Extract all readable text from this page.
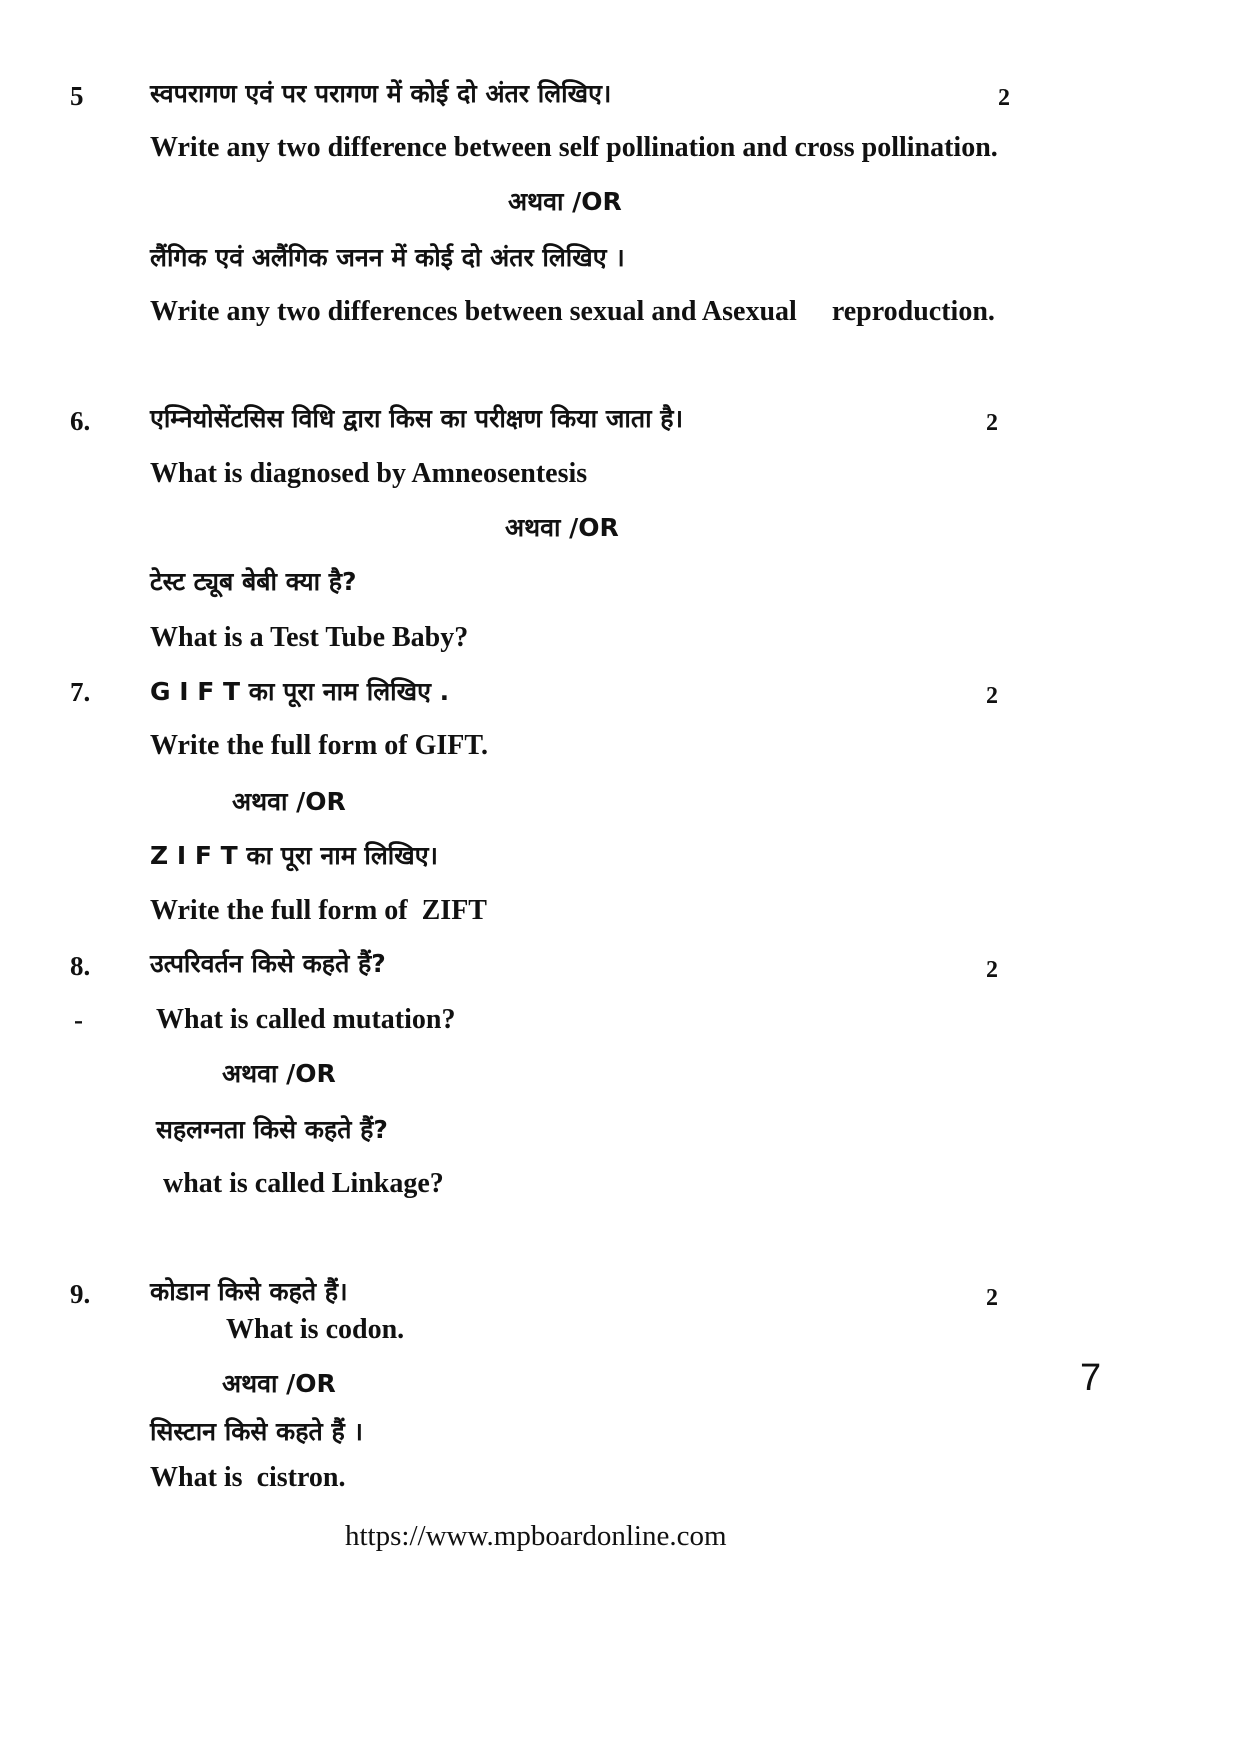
5	स्वपरागण एवं पर परागण में कोई दो अंतर लिखिए।	2
Write any two difference between self pollination and cross pollination.
अथवा /OR
लैंगिक एवं अलैंगिक जनन में कोई दो अंतर लिखिए ।
Write any two differences between sexual and Asexual     reproduction.
6. एम्नियोसेंटसिस विधि द्वारा किस का परीक्षण किया जाता है।	2
What is diagnosed by Amneosentesis
अथवा /OR
टेस्ट ट्यूब बेबी क्या है?
What is a Test Tube Baby?
7. G I F T का पूरा नाम लिखिए .	2
Write the full form of GIFT.
अथवा /OR
Z I F T का पूरा नाम लिखिए।
Write the full form of  ZIFT
8. उत्परिवर्तन किसे कहते हैं?	2
-	What is called mutation?
अथवा /OR
सहलग्नता किसे कहते हैं?
what is called Linkage?
9. कोडान किसे कहते हैं।	2
What is codon.
अथवा /OR
सिस्टान किसे कहते हैं ।
What is  cistron.
7
https://www.mpboardonline.com
